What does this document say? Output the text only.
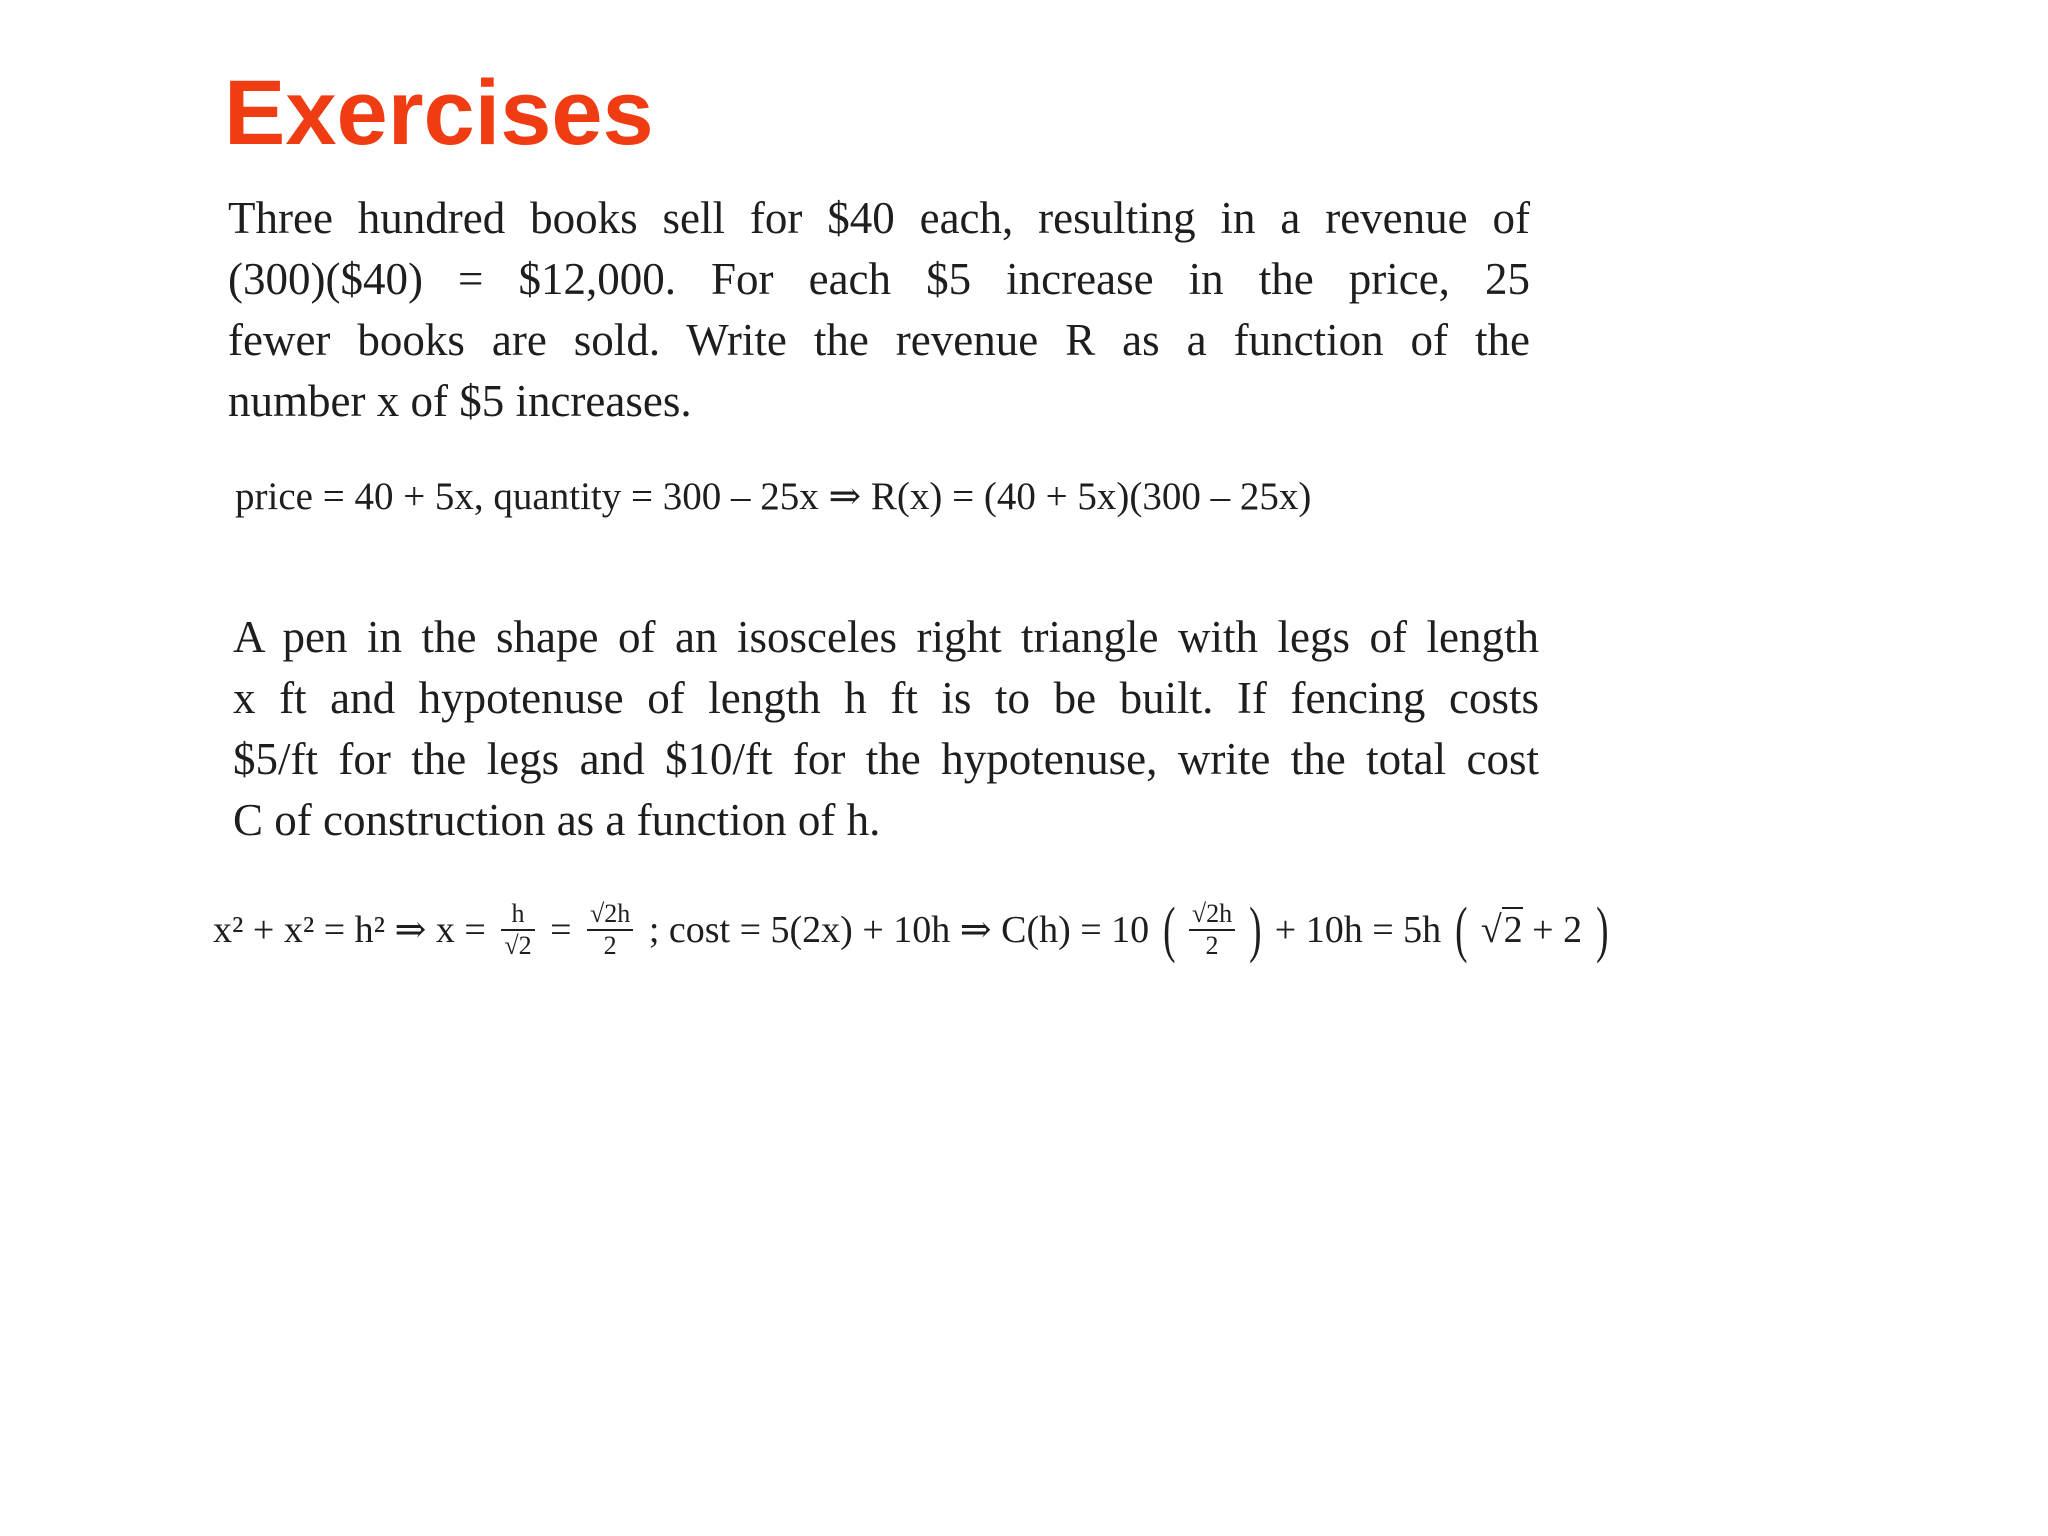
Exercises
Three hundred books sell for $40 each, resulting in a revenue of
(300)($40) = $12,000. For each $5 increase in the price, 25
fewer books are sold. Write the revenue R as a function of the
number x of $5 increases.
price = 40 + 5x, quantity = 300 – 25x ⇒ R(x) = (40 + 5x)(300 – 25x)
A pen in the shape of an isosceles right triangle with legs of length
x ft and hypotenuse of length h ft is to be built. If fencing costs
$5/ft for the legs and $10/ft for the hypotenuse, write the total cost
C of construction as a function of h.
x² + x² = h² ⇒ $x = \frac{h}{√2} = \frac{√2h}{2}$ ; cost = 5(2x) + 10h ⇒ C(h) = 10 ( $\frac{√2h}{2}$ ) + 10h = 5h ( √2 + 2 )
